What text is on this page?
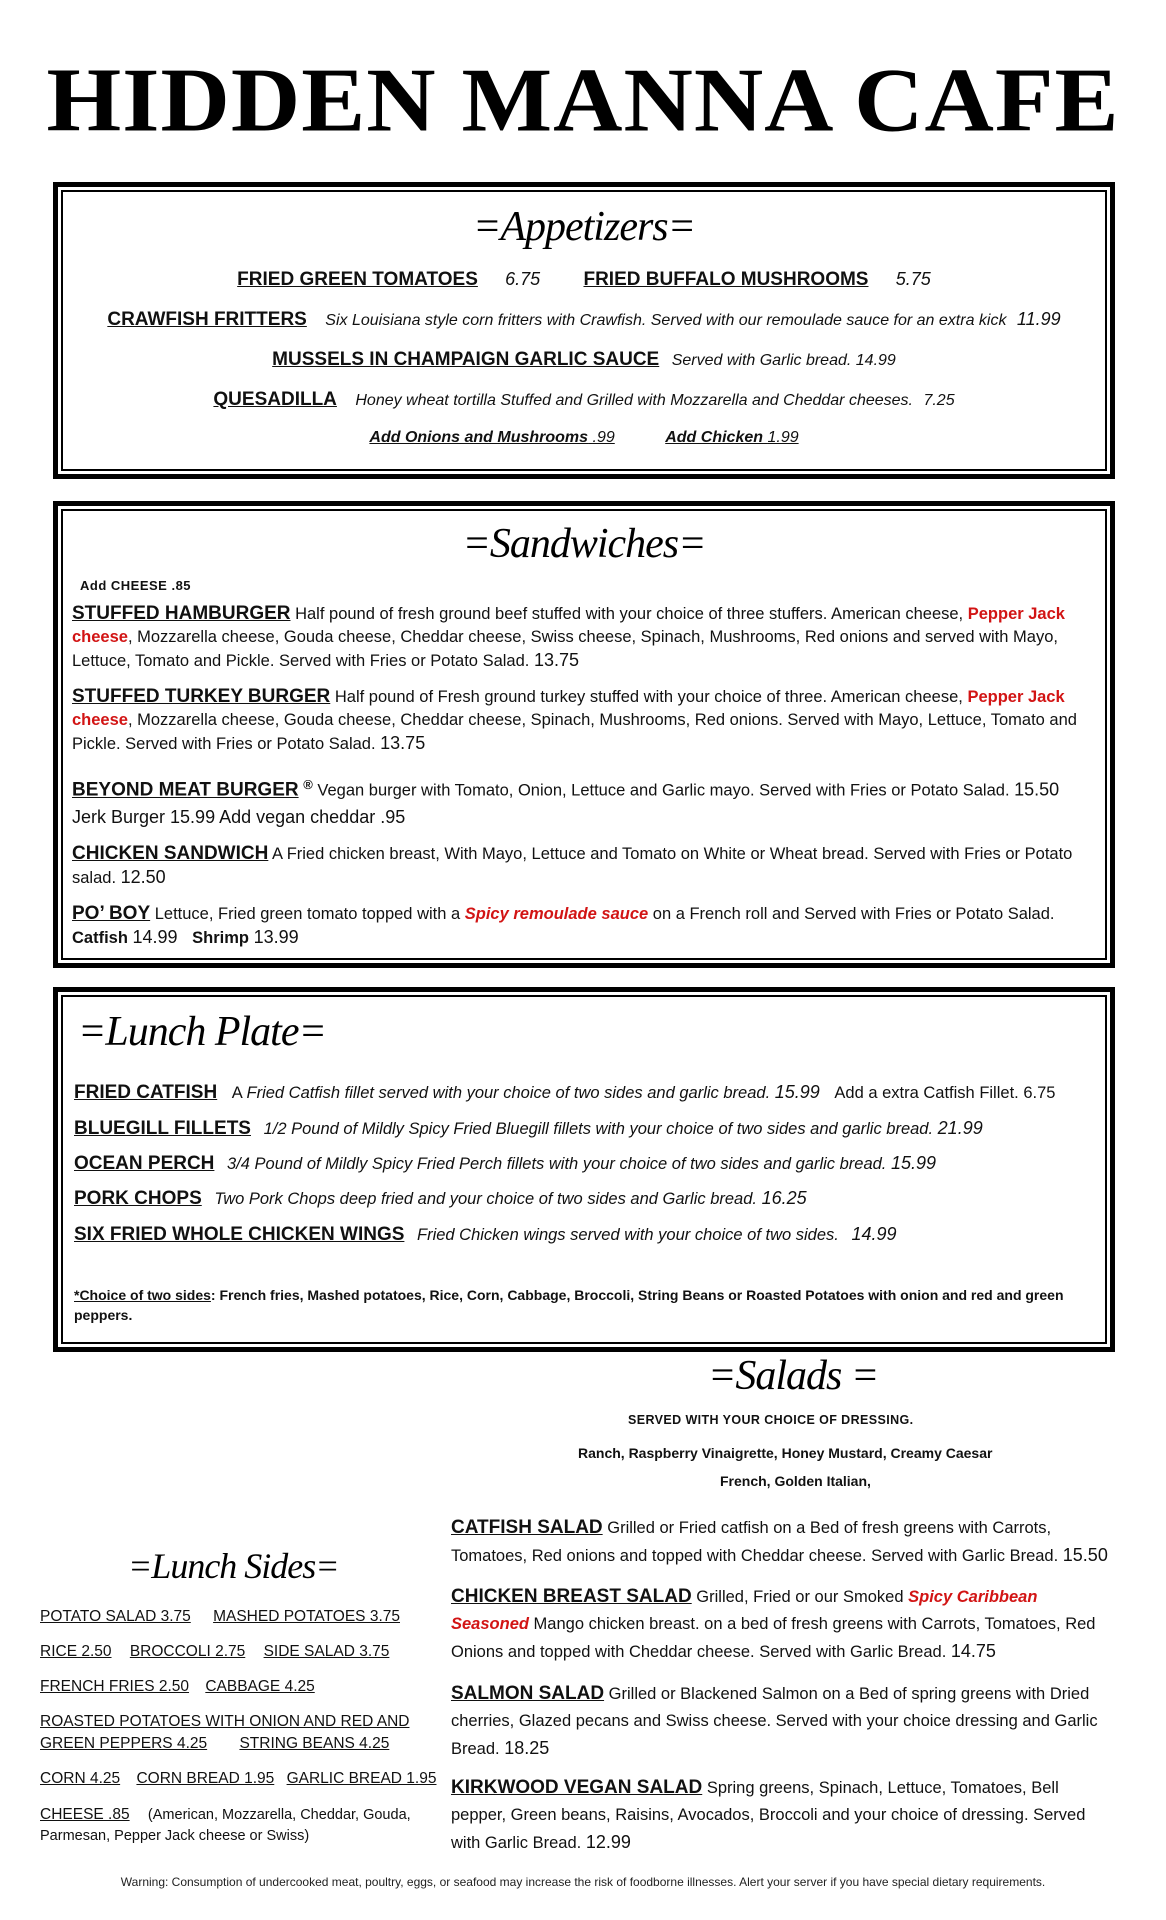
HIDDEN MANNA CAFE
=Appetizers=
FRIED GREEN TOMATOES 6.75 FRIED BUFFALO MUSHROOMS 5.75
CRAWFISH FRITTERS Six Louisiana style corn fritters with Crawfish. Served with our remoulade sauce for an extra kick 11.99
MUSSELS IN CHAMPAIGN GARLIC SAUCE Served with Garlic bread. 14.99
QUESADILLA Honey wheat tortilla Stuffed and Grilled with Mozzarella and Cheddar cheeses. 7.25
Add Onions and Mushrooms .99	Add Chicken 1.99
=Sandwiches=
Add CHEESE .85
STUFFED HAMBURGER Half pound of fresh ground beef stuffed with your choice of three stuffers. American cheese, Pepper Jack cheese, Mozzarella cheese, Gouda cheese, Cheddar cheese, Swiss cheese, Spinach, Mushrooms, Red onions and served with Mayo, Lettuce, Tomato and Pickle. Served with Fries or Potato Salad. 13.75
STUFFED TURKEY BURGER Half pound of Fresh ground turkey stuffed with your choice of three. American cheese, Pepper Jack cheese, Mozzarella cheese, Gouda cheese, Cheddar cheese, Spinach, Mushrooms, Red onions. Served with Mayo, Lettuce, Tomato and Pickle. Served with Fries or Potato Salad. 13.75
BEYOND MEAT BURGER ® Vegan burger with Tomato, Onion, Lettuce and Garlic mayo. Served with Fries or Potato Salad. 15.50
Jerk Burger 15.99 Add vegan cheddar .95
CHICKEN SANDWICH A Fried chicken breast, With Mayo, Lettuce and Tomato on White or Wheat bread. Served with Fries or Potato salad. 12.50
PO’ BOY Lettuce, Fried green tomato topped with a Spicy remoulade sauce on a French roll and Served with Fries or Potato Salad.
Catfish 14.99 Shrimp 13.99
=Lunch Plate=
FRIED CATFISH A Fried Catfish fillet served with your choice of two sides and garlic bread. 15.99 Add a extra Catfish Fillet. 6.75
BLUEGILL FILLETS 1/2 Pound of Mildly Spicy Fried Bluegill fillets with your choice of two sides and garlic bread. 21.99
OCEAN PERCH 3/4 Pound of Mildly Spicy Fried Perch fillets with your choice of two sides and garlic bread. 15.99
PORK CHOPS Two Pork Chops deep fried and your choice of two sides and Garlic bread. 16.25
SIX FRIED WHOLE CHICKEN WINGS Fried Chicken wings served with your choice of two sides. 14.99
*Choice of two sides: French fries, Mashed potatoes, Rice, Corn, Cabbage, Broccoli, String Beans or Roasted Potatoes with onion and red and green peppers.
=Salads =
SERVED WITH YOUR CHOICE OF DRESSING.
Ranch, Raspberry Vinaigrette, Honey Mustard, Creamy Caesar
French, Golden Italian,
CATFISH SALAD Grilled or Fried catfish on a Bed of fresh greens with Carrots, Tomatoes, Red onions and topped with Cheddar cheese. Served with Garlic Bread. 15.50
CHICKEN BREAST SALAD Grilled, Fried or our Smoked Spicy Caribbean Seasoned Mango chicken breast. on a bed of fresh greens with Carrots, Tomatoes, Red Onions and topped with Cheddar cheese. Served with Garlic Bread. 14.75
SALMON SALAD Grilled or Blackened Salmon on a Bed of spring greens with Dried cherries, Glazed pecans and Swiss cheese. Served with your choice dressing and Garlic Bread. 18.25
KIRKWOOD VEGAN SALAD Spring greens, Spinach, Lettuce, Tomatoes, Bell pepper, Green beans, Raisins, Avocados, Broccoli and your choice of dressing. Served with Garlic Bread. 12.99
=Lunch Sides=
POTATO SALAD 3.75 MASHED POTATOES 3.75
RICE 2.50 BROCCOLI 2.75 SIDE SALAD 3.75
FRENCH FRIES 2.50 CABBAGE 4.25
ROASTED POTATOES WITH ONION AND RED AND
GREEN PEPPERS 4.25 STRING BEANS 4.25
CORN 4.25 CORN BREAD 1.95 GARLIC BREAD 1.95
CHEESE .85 (American, Mozzarella, Cheddar, Gouda,
Parmesan, Pepper Jack cheese or Swiss)
Warning: Consumption of undercooked meat, poultry, eggs, or seafood may increase the risk of foodborne illnesses. Alert your server if you have special dietary requirements.
